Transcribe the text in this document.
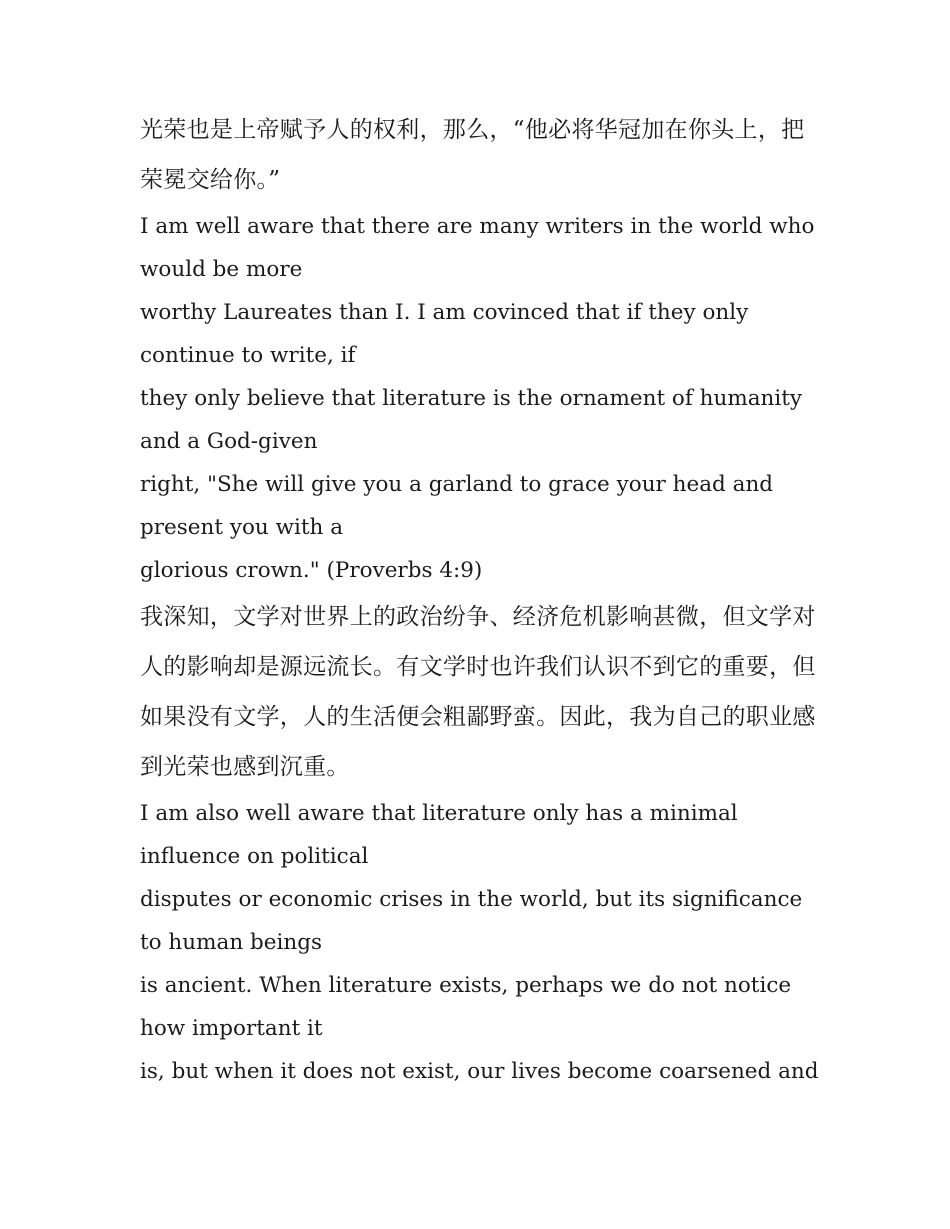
光荣也是上帝赋予人的权利，那么，“他必将华冠加在你头上，把荣冕交给你。”

I am well aware that there are many writers in the world who would be more
worthy Laureates than I. I am covinced that if they only continue to write, if
they only believe that literature is the ornament of humanity and a God-given
right, "She will give you a garland to grace your head and present you with a
glorious crown." (Proverbs 4:9)

我深知，文学对世界上的政治纷争、经济危机影响甚微，但文学对人的影响却是源远流长。有文学时也许我们认识不到它的重要，但如果没有文学，人的生活便会粗鄙野蛮。因此，我为自己的职业感到光荣也感到沉重。

I am also well aware that literature only has a minimal influence on political
disputes or economic crises in the world, but its significance to human beings
is ancient. When literature exists, perhaps we do not notice how important it
is, but when it does not exist, our lives become coarsened and
